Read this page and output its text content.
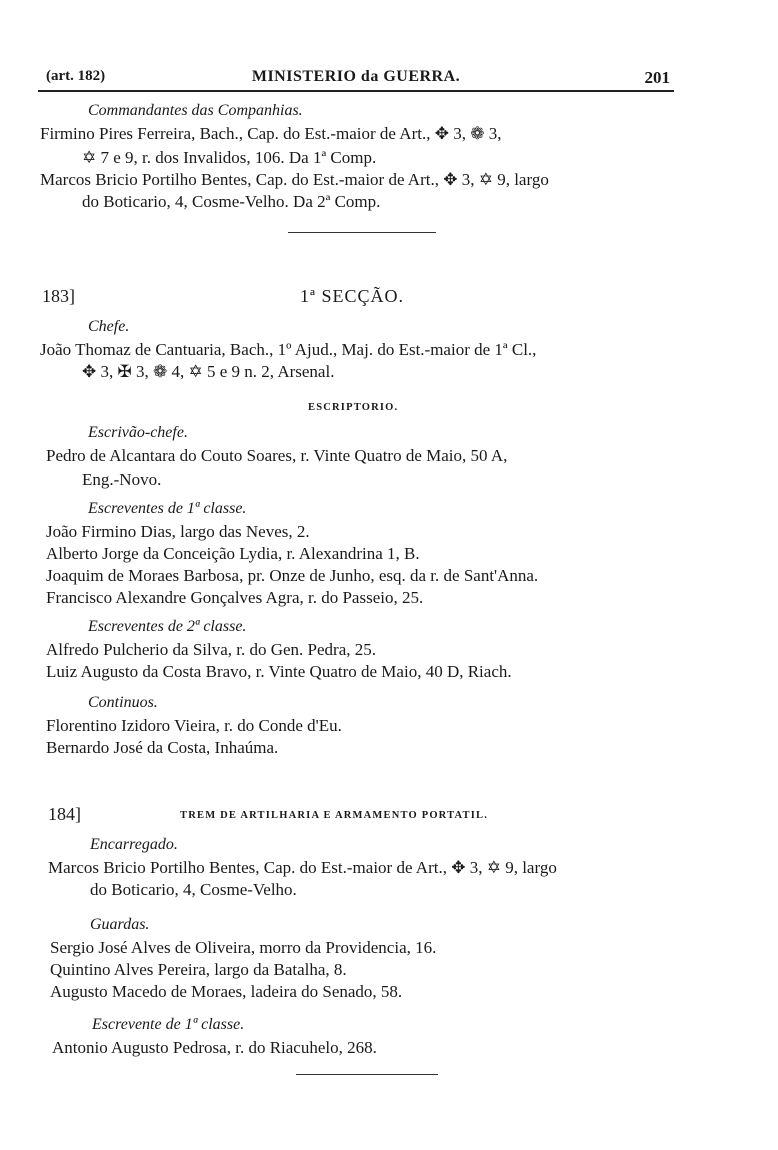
(art. 182)	MINISTERIO da GUERRA.	201
Commandantes das Companhias.
Firmino Pires Ferreira, Bach., Cap. do Est.-maior de Art., ✥ 3, ❁ 3,
✡ 7 e 9, r. dos Invalidos, 106. Da 1ª Comp.
Marcos Bricio Portilho Bentes, Cap. do Est.-maior de Art., ✥ 3, ✡ 9, largo
do Boticario, 4, Cosme-Velho. Da 2ª Comp.
183]	1ª SECÇÃO.
Chefe.
João Thomaz de Cantuaria, Bach., 1º Ajud., Maj. do Est.-maior de 1ª Cl.,
✥ 3, ✠ 3, ❁ 4, ✡ 5 e 9 n. 2, Arsenal.
ESCRIPTORIO.
Escrivão-chefe.
Pedro de Alcantara do Couto Soares, r. Vinte Quatro de Maio, 50 A,
Eng.-Novo.
Escreventes de 1ª classe.
João Firmino Dias, largo das Neves, 2.
Alberto Jorge da Conceição Lydia, r. Alexandrina 1, B.
Joaquim de Moraes Barbosa, pr. Onze de Junho, esq. da r. de Sant'Anna.
Francisco Alexandre Gonçalves Agra, r. do Passeio, 25.
Escreventes de 2ª classe.
Alfredo Pulcherio da Silva, r. do Gen. Pedra, 25.
Luiz Augusto da Costa Bravo, r. Vinte Quatro de Maio, 40 D, Riach.
Continuos.
Florentino Izidoro Vieira, r. do Conde d'Eu.
Bernardo José da Costa, Inhaúma.
184]	TREM DE ARTILHARIA E ARMAMENTO PORTATIL.
Encarregado.
Marcos Bricio Portilho Bentes, Cap. do Est.-maior de Art., ✥ 3, ✡ 9, largo
do Boticario, 4, Cosme-Velho.
Guardas.
Sergio José Alves de Oliveira, morro da Providencia, 16.
Quintino Alves Pereira, largo da Batalha, 8.
Augusto Macedo de Moraes, ladeira do Senado, 58.
Escrevente de 1ª classe.
Antonio Augusto Pedrosa, r. do Riacuhelo, 268.
